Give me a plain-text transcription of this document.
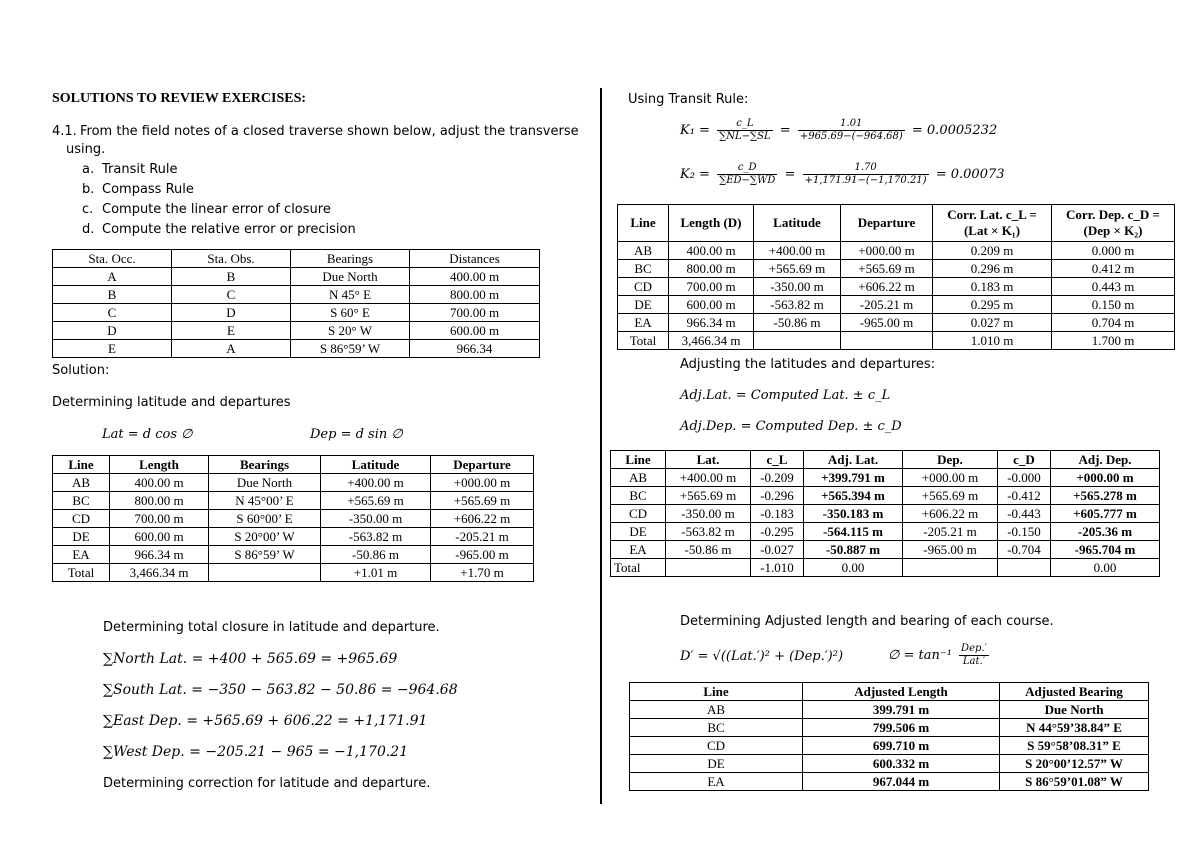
SOLUTIONS TO REVIEW EXERCISES:
4.1. From the field notes of a closed traverse shown below, adjust the transverse
using.
a. Transit Rule
b. Compass Rule
c. Compute the linear error of closure
d. Compute the relative error or precision
Sta. Occ.	Sta. Obs.	Bearings	Distances
A	B	Due North	400.00 m
B	C	N 45° E	800.00 m
C	D	S 60° E	700.00 m
D	E	S 20° W	600.00 m
E	A	S 86°59’ W	966.34
Solution:
Determining latitude and departures
Lat = d cos ∅	Dep = d sin ∅
Line	Length	Bearings	Latitude	Departure
AB	400.00 m	Due North	+400.00 m	+000.00 m
BC	800.00 m	N 45°00’ E	+565.69 m	+565.69 m
CD	700.00 m	S 60°00’ E	-350.00 m	+606.22 m
DE	600.00 m	S 20°00’ W	-563.82 m	-205.21 m
EA	966.34 m	S 86°59’ W	-50.86 m	-965.00 m
Total	3,466.34 m		+1.01 m	+1.70 m
Determining total closure in latitude and departure.
∑North Lat. = +400 + 565.69 = +965.69
∑South Lat. = −350 − 563.82 − 50.86 = −964.68
∑East Dep. = +565.69 + 606.22 = +1,171.91
∑West Dep. = −205.21 − 965 = −1,170.21
Determining correction for latitude and departure.
Using Transit Rule:
$K_1 = \frac{c\_L}{\sum NL-\sum SL} = \frac{1.01}{+965.69-(-964.68)} = 0.0005232$
$K_2 = \frac{c\_D}{\sum ED-\sum WD} = \frac{1.70}{+1,171.91-(-1,170.21)} = 0.00073$
Line	Length (D)	Latitude	Departure	Corr. Lat. c_L = (Lat × K₁)	Corr. Dep. c_D = (Dep × K₂)
AB	400.00 m	+400.00 m	+000.00 m	0.209 m	0.000 m
BC	800.00 m	+565.69 m	+565.69 m	0.296 m	0.412 m
CD	700.00 m	-350.00 m	+606.22 m	0.183 m	0.443 m
DE	600.00 m	-563.82 m	-205.21 m	0.295 m	0.150 m
EA	966.34 m	-50.86 m	-965.00 m	0.027 m	0.704 m
Total	3,466.34 m			1.010 m	1.700 m
Adjusting the latitudes and departures:
Adj.Lat. = Computed Lat. ± c_L
Adj.Dep. = Computed Dep. ± c_D
Line	Lat.	c_L	Adj. Lat.	Dep.	c_D	Adj. Dep.
AB	+400.00 m	-0.209	+399.791 m	+000.00 m	-0.000	+000.00 m
BC	+565.69 m	-0.296	+565.394 m	+565.69 m	-0.412	+565.278 m
CD	-350.00 m	-0.183	-350.183 m	+606.22 m	-0.443	+605.777 m
DE	-563.82 m	-0.295	-564.115 m	-205.21 m	-0.150	-205.36 m
EA	-50.86 m	-0.027	-50.887 m	-965.00 m	-0.704	-965.704 m
Total		-1.010	0.00			0.00
Determining Adjusted length and bearing of each course.
D′ = √((Lat.′)² + (Dep.′)²)	∅ = $\tan^{-1} \frac{\text{Dep.′}}{\text{Lat.′}}$
Line	Adjusted Length	Adjusted Bearing
AB	399.791 m	Due North
BC	799.506 m	N 44°59’38.84” E
CD	699.710 m	S 59°58’08.31” E
DE	600.332 m	S 20°00’12.57” W
EA	967.044 m	S 86°59’01.08” W
